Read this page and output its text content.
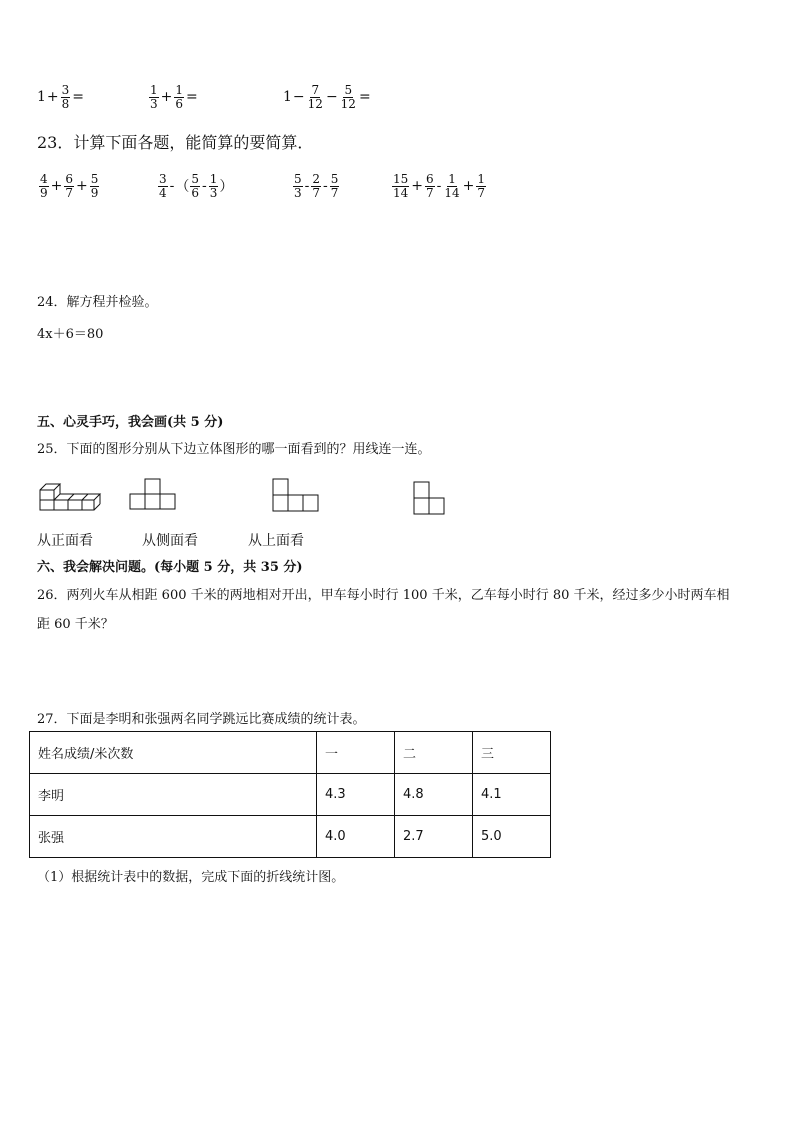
$1 + \frac{3}{8}$ =	$\frac{1}{3} + \frac{1}{6}$ =	$1 - \frac{7}{12} - \frac{5}{12}$ =
23．计算下面各题，能简算的要简算．
$\frac{4}{9} + \frac{6}{7} + \frac{5}{9}$	$\frac{3}{4}$ - （ $\frac{5}{6} - \frac{1}{3}$ ）	$\frac{5}{3} - \frac{2}{7} - \frac{5}{7}$	$\frac{15}{14} + \frac{6}{7} - \frac{1}{14} + \frac{1}{7}$
24．解方程并检验。
4x＋6＝80
五、心灵手巧，我会画(共 5 分)
25．下面的图形分别从下边立体图形的哪一面看到的？用线连一连。
从正面看	从侧面看	从上面看
六、我会解决问题。(每小题 5 分，共 35 分)
26．两列火车从相距 600 千米的两地相对开出，甲车每小时行 100 千米，乙车每小时行 80 千米，经过多少小时两车相
距 60 千米？
27．下面是李明和张强两名同学跳远比赛成绩的统计表。
姓名成绩/米次数	一	二	三
李明	4.3	4.8	4.1
张强	4.0	2.7	5.0
（1）根据统计表中的数据，完成下面的折线统计图。
